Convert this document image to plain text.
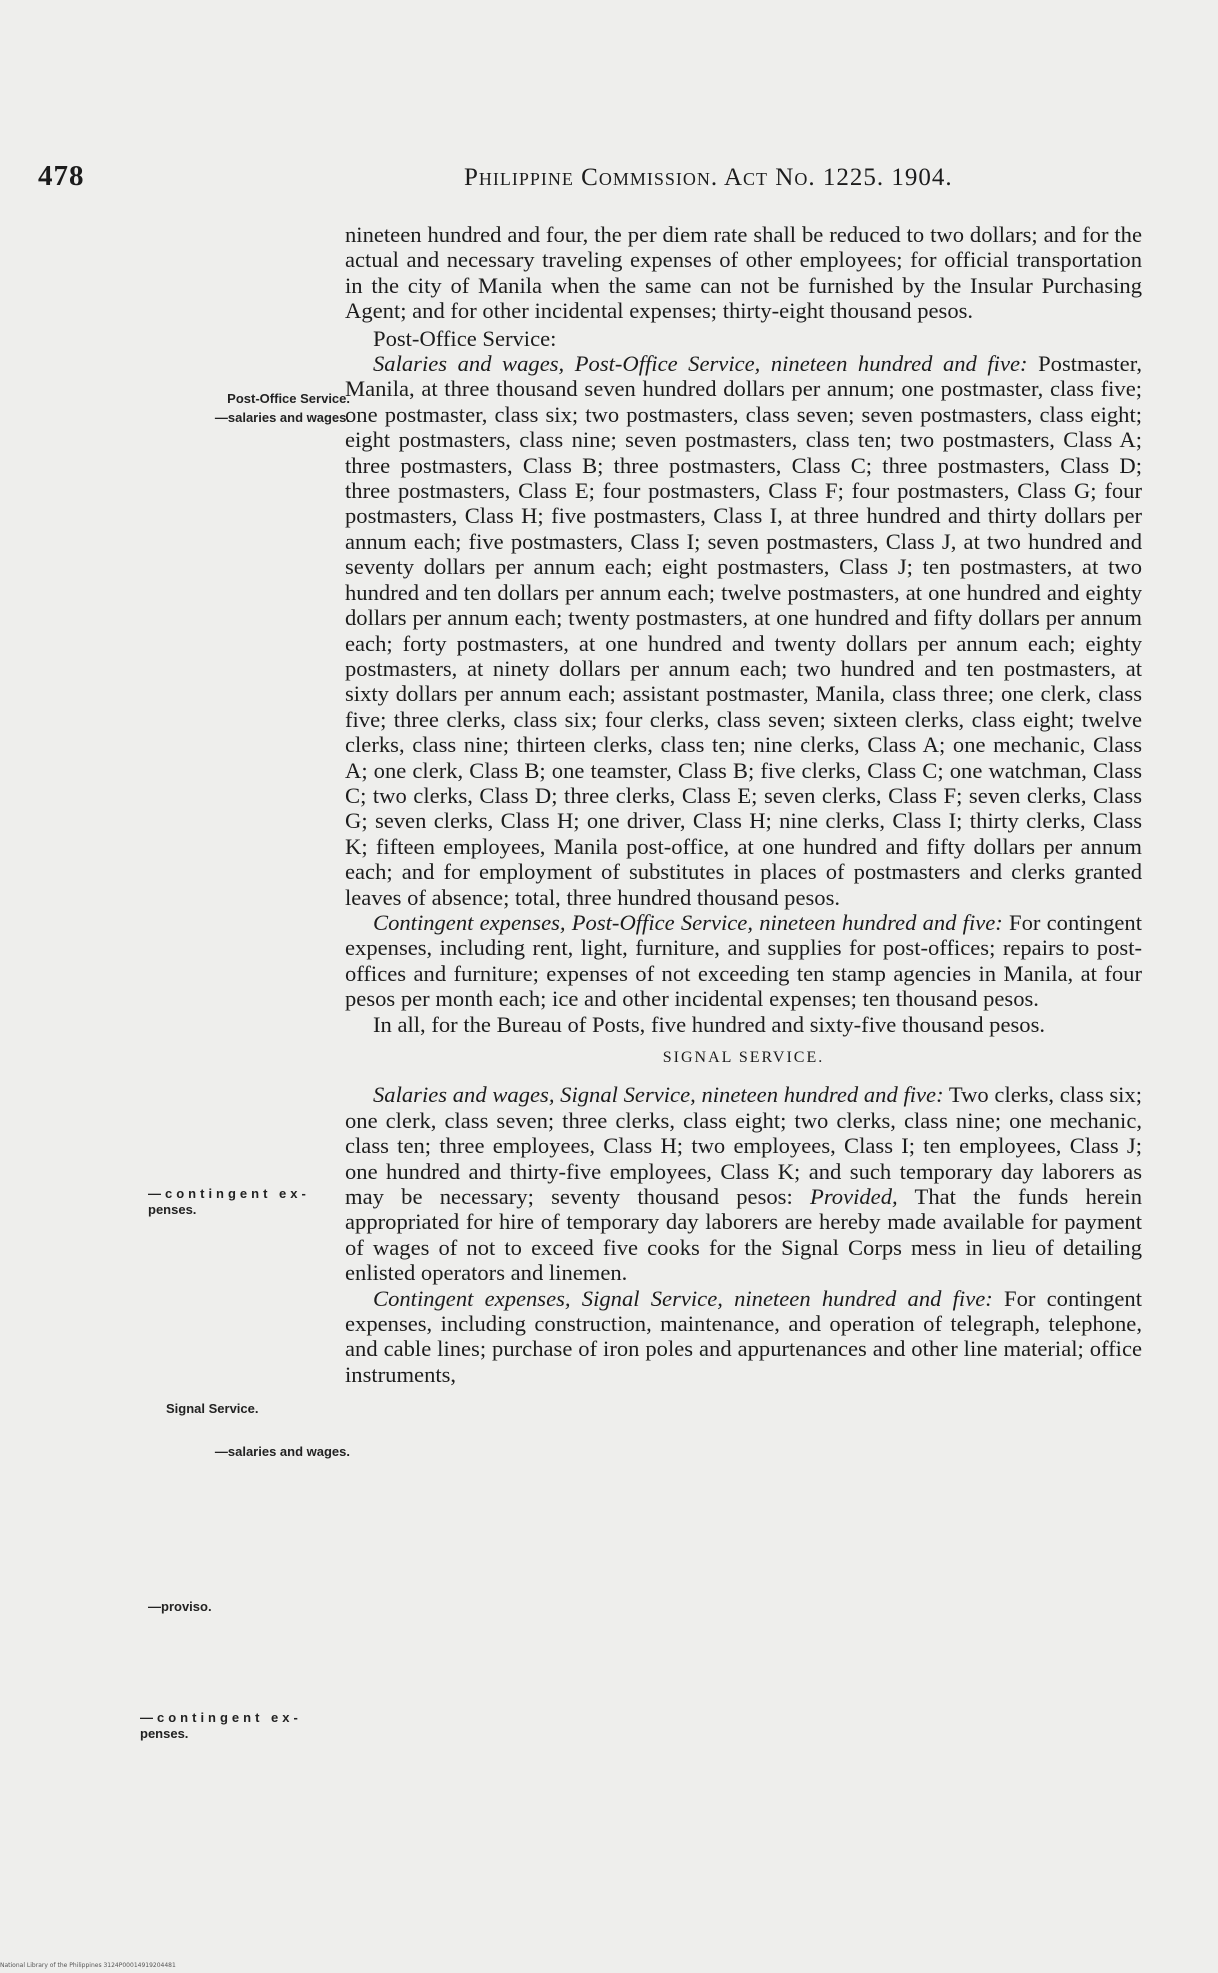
478	Philippine Commission. Act No. 1225. 1904.

nineteen hundred and four, the per diem rate shall be reduced to two dollars; and for the actual and necessary traveling expenses of other employees; for official transportation in the city of Manila when the same can not be furnished by the Insular Purchasing Agent; and for other incidental expenses; thirty-eight thousand pesos.

Post-Office Service:

Salaries and wages, Post-Office Service, nineteen hundred and five: Postmaster, Manila, at three thousand seven hundred dollars per annum; one postmaster, class five; one postmaster, class six; two postmasters, class seven; seven postmasters, class eight; eight postmasters, class nine; seven postmasters, class ten; two postmasters, Class A; three postmasters, Class B; three postmasters, Class C; three postmasters, Class D; three postmasters, Class E; four postmasters, Class F; four postmasters, Class G; four postmasters, Class H; five postmasters, Class I, at three hundred and thirty dollars per annum each; five postmasters, Class I; seven postmasters, Class J, at two hundred and seventy dollars per annum each; eight postmasters, Class J; ten postmasters, at two hundred and ten dollars per annum each; twelve postmasters, at one hundred and eighty dollars per annum each; twenty postmasters, at one hundred and fifty dollars per annum each; forty postmasters, at one hundred and twenty dollars per annum each; eighty postmasters, at ninety dollars per annum each; two hundred and ten postmasters, at sixty dollars per annum each; assistant postmaster, Manila, class three; one clerk, class five; three clerks, class six; four clerks, class seven; sixteen clerks, class eight; twelve clerks, class nine; thirteen clerks, class ten; nine clerks, Class A; one mechanic, Class A; one clerk, Class B; one teamster, Class B; five clerks, Class C; one watchman, Class C; two clerks, Class D; three clerks, Class E; seven clerks, Class F; seven clerks, Class G; seven clerks, Class H; one driver, Class H; nine clerks, Class I; thirty clerks, Class K; fifteen employees, Manila post-office, at one hundred and fifty dollars per annum each; and for employment of substitutes in places of postmasters and clerks granted leaves of absence; total, three hundred thousand pesos.

Contingent expenses, Post-Office Service, nineteen hundred and five: For contingent expenses, including rent, light, furniture, and supplies for post-offices; repairs to post-offices and furniture; expenses of not exceeding ten stamp agencies in Manila, at four pesos per month each; ice and other incidental expenses; ten thousand pesos.

In all, for the Bureau of Posts, five hundred and sixty-five thousand pesos.

SIGNAL SERVICE.

Salaries and wages, Signal Service, nineteen hundred and five: Two clerks, class six; one clerk, class seven; three clerks, class eight; two clerks, class nine; one mechanic, class ten; three employees, Class H; two employees, Class I; ten employees, Class J; one hundred and thirty-five employees, Class K; and such temporary day laborers as may be necessary; seventy thousand pesos: Provided, That the funds herein appropriated for hire of temporary day laborers are hereby made available for payment of wages of not to exceed five cooks for the Signal Corps mess in lieu of detailing enlisted operators and linemen.

Contingent expenses, Signal Service, nineteen hundred and five: For contingent expenses, including construction, maintenance, and operation of telegraph, telephone, and cable lines; purchase of iron poles and appurtenances and other line material; office instruments,

Post-Office Service.
—salaries and wages.
—contingent ex-
penses.
Signal Service.
—salaries and wages.
—proviso.
—contingent ex-
penses.
National Library of the Philippines 3124P00014919204481
